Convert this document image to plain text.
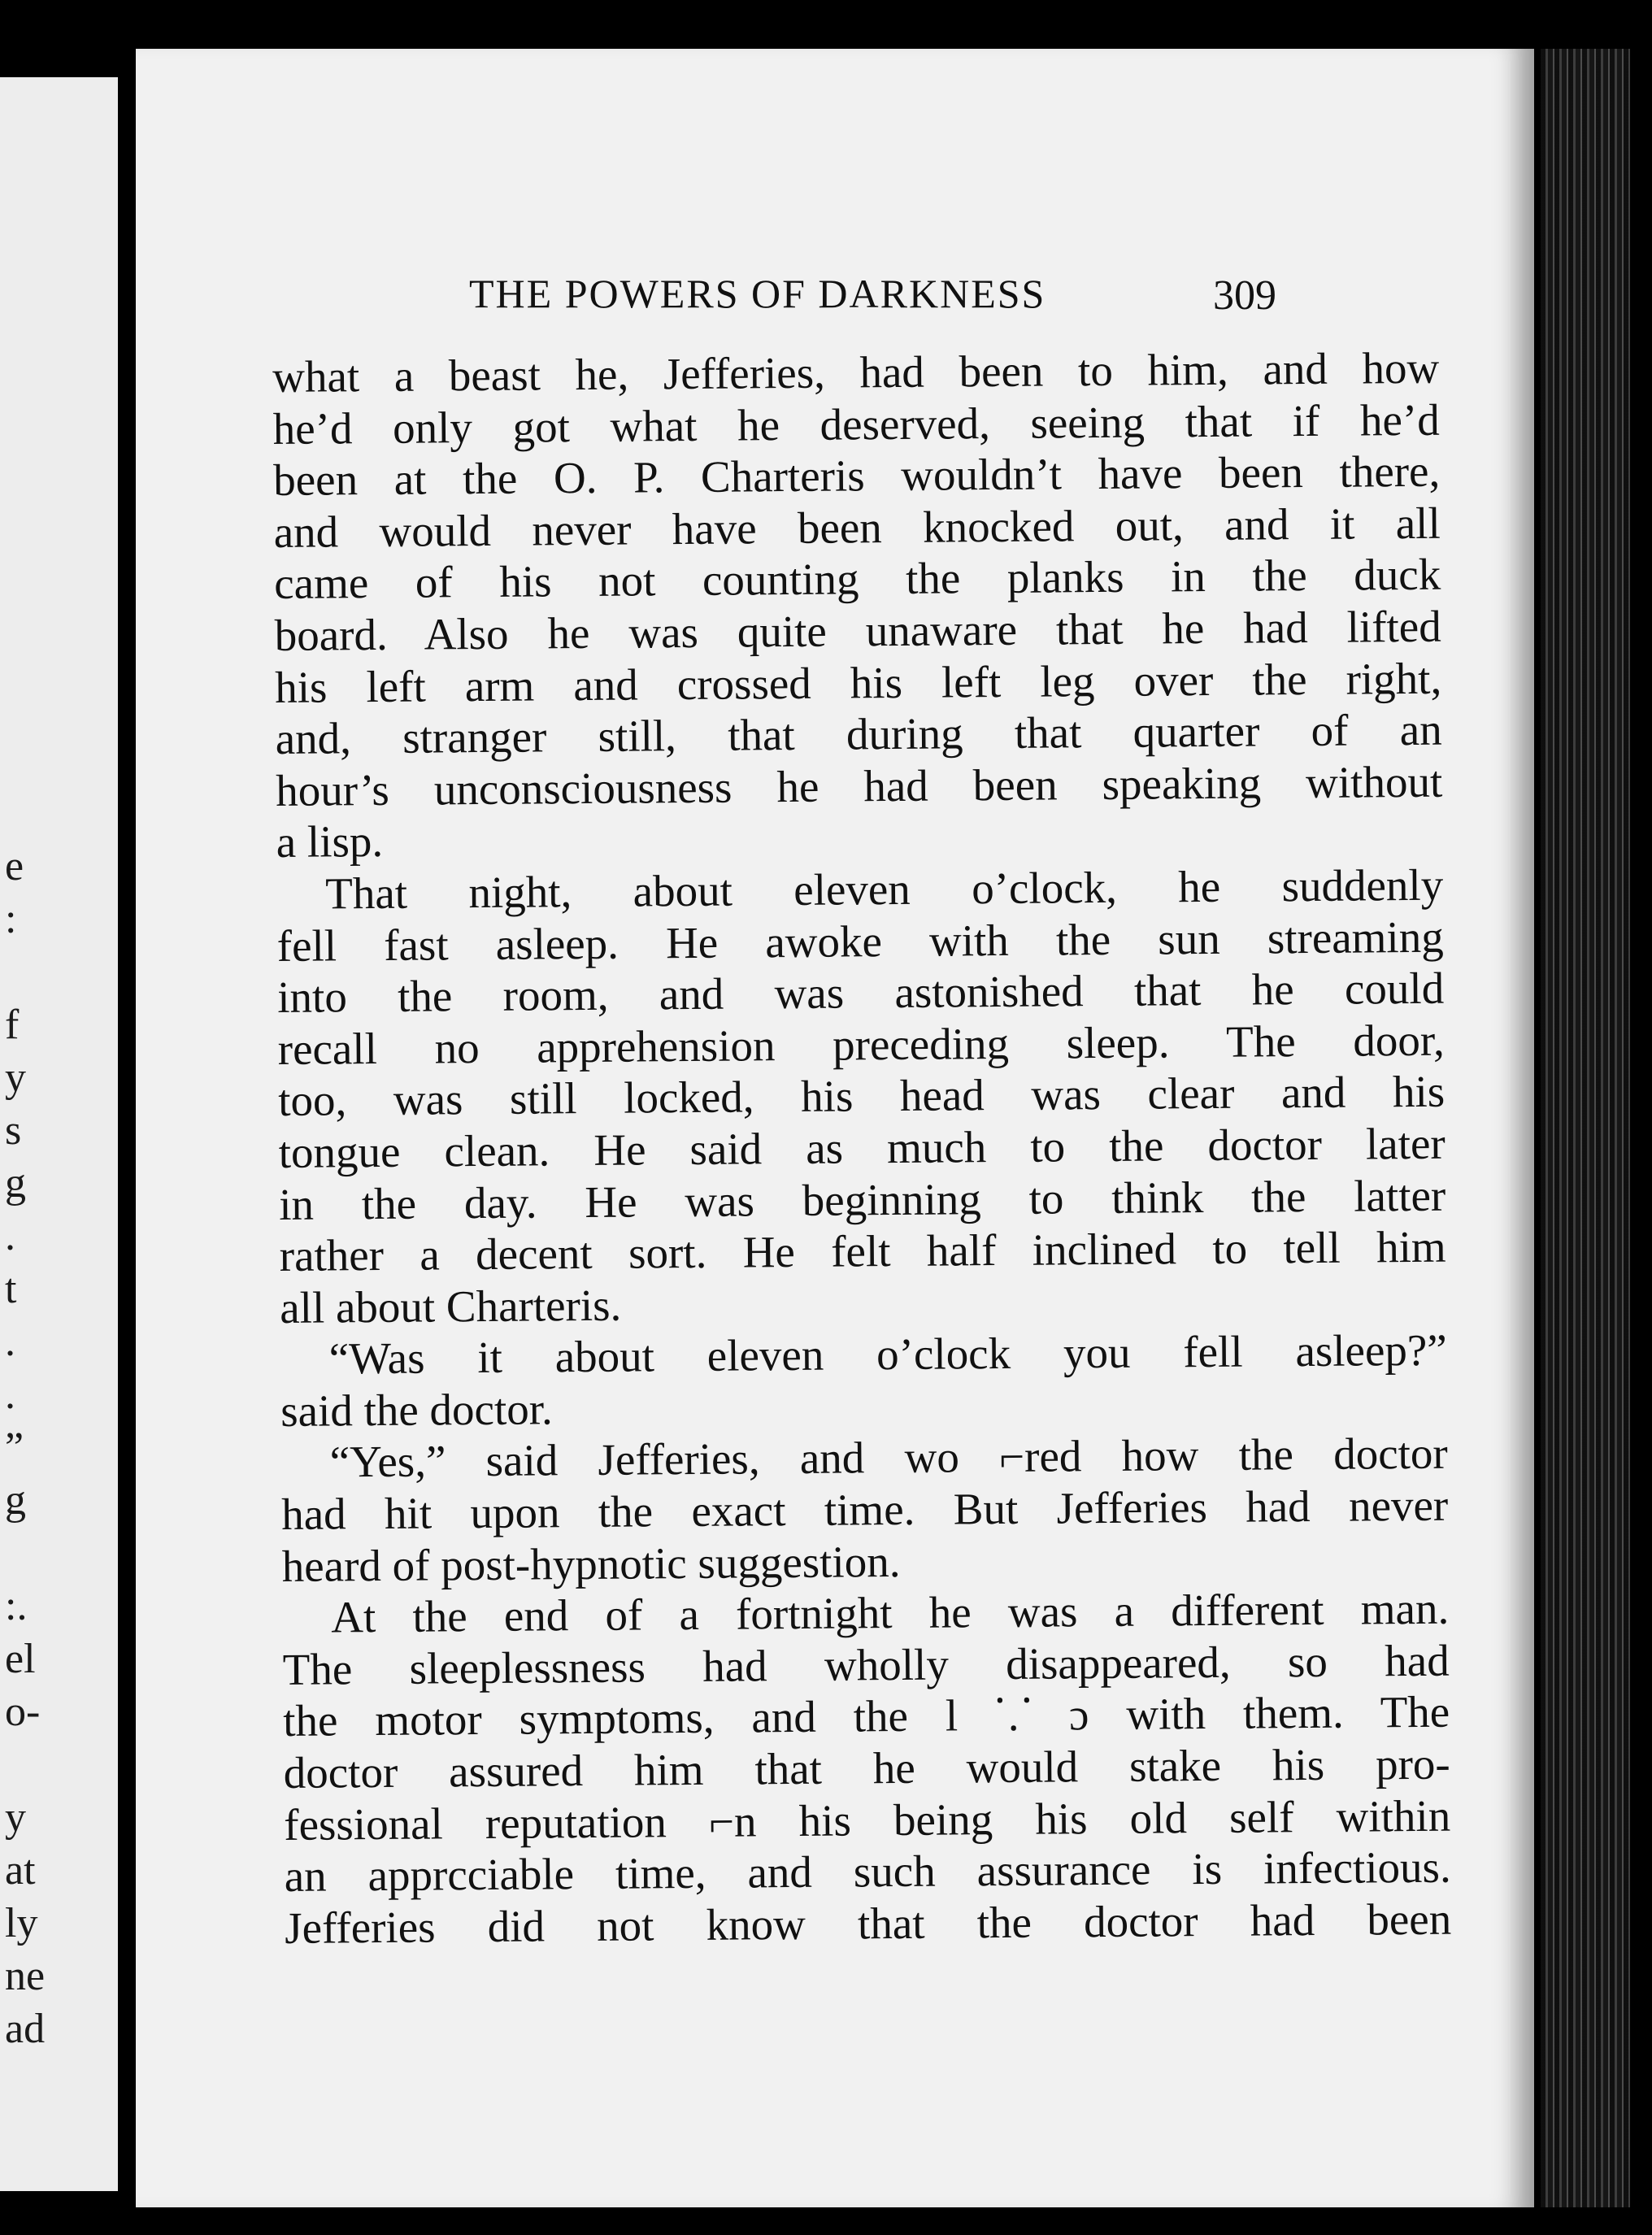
e
:
f
y
s
g
.
t
.
.
”
g
:.
el
o-
y
at
ly
ne
ad
THE POWERS OF DARKNESS	309
what a beast he, Jefferies, had been to him, and how
he’d only got what he deserved, seeing that if he’d
been at the O. P. Charteris wouldn’t have been there,
and would never have been knocked out, and it all
came of his not counting the planks in the duck
board. Also he was quite unaware that he had lifted
his left arm and crossed his left leg over the right,
and, stranger still, that during that quarter of an
hour’s unconsciousness he had been speaking without
a lisp.
That night, about eleven o’clock, he suddenly
fell fast asleep. He awoke with the sun streaming
into the room, and was astonished that he could
recall no apprehension preceding sleep. The door,
too, was still locked, his head was clear and his
tongue clean. He said as much to the doctor later
in the day. He was beginning to think the latter
rather a decent sort. He felt half inclined to tell him
all about Charteris.
“Was it about eleven o’clock you fell asleep?”
said the doctor.
“Yes,” said Jefferies, and wo ⌐red how the doctor
had hit upon the exact time. But Jefferies had never
heard of post-hypnotic suggestion.
At the end of a fortnight he was a different man.
The sleeplessness had wholly disappeared, so had
the motor symptoms, and the l ⸪ ɔ with them. The
doctor assured him that he would stake his pro-
fessional reputation ⌐n his being his old self within
an apprcciable time, and such assurance is infectious.
Jefferies did not know that the doctor had been
